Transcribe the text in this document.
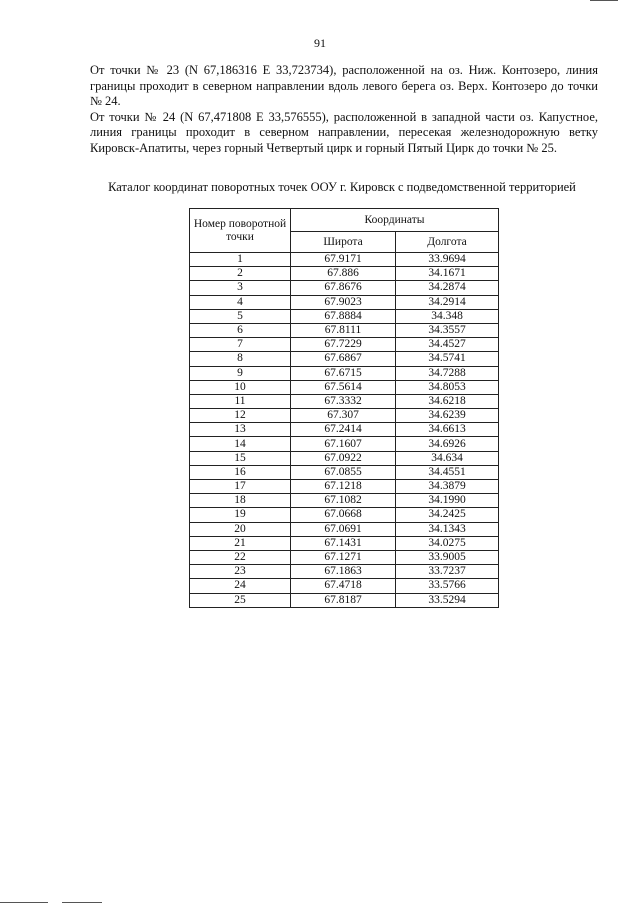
91

От точки № 23 (N 67,186316 E 33,723734), расположенной на оз. Ниж. Контозеро, линия границы проходит в северном направлении вдоль левого берега оз. Верх. Контозеро до точки № 24.

От точки № 24 (N 67,471808 E 33,576555), расположенной в западной части оз. Капустное, линия границы проходит в северном направлении, пересекая железнодорожную ветку Кировск-Апатиты, через горный Четвертый цирк и горный Пятый Цирк до точки № 25.

Каталог координат поворотных точек ООУ г. Кировск с подведомственной территорией
Номер поворотной точки	Координаты	
	Широта	Долгота
1	67.9171	33.9694
2	67.886	34.1671
3	67.8676	34.2874
4	67.9023	34.2914
5	67.8884	34.348
6	67.8111	34.3557
7	67.7229	34.4527
8	67.6867	34.5741
9	67.6715	34.7288
10	67.5614	34.8053
11	67.3332	34.6218
12	67.307	34.6239
13	67.2414	34.6613
14	67.1607	34.6926
15	67.0922	34.634
16	67.0855	34.4551
17	67.1218	34.3879
18	67.1082	34.1990
19	67.0668	34.2425
20	67.0691	34.1343
21	67.1431	34.0275
22	67.1271	33.9005
23	67.1863	33.7237
24	67.4718	33.5766
25	67.8187	33.5294
